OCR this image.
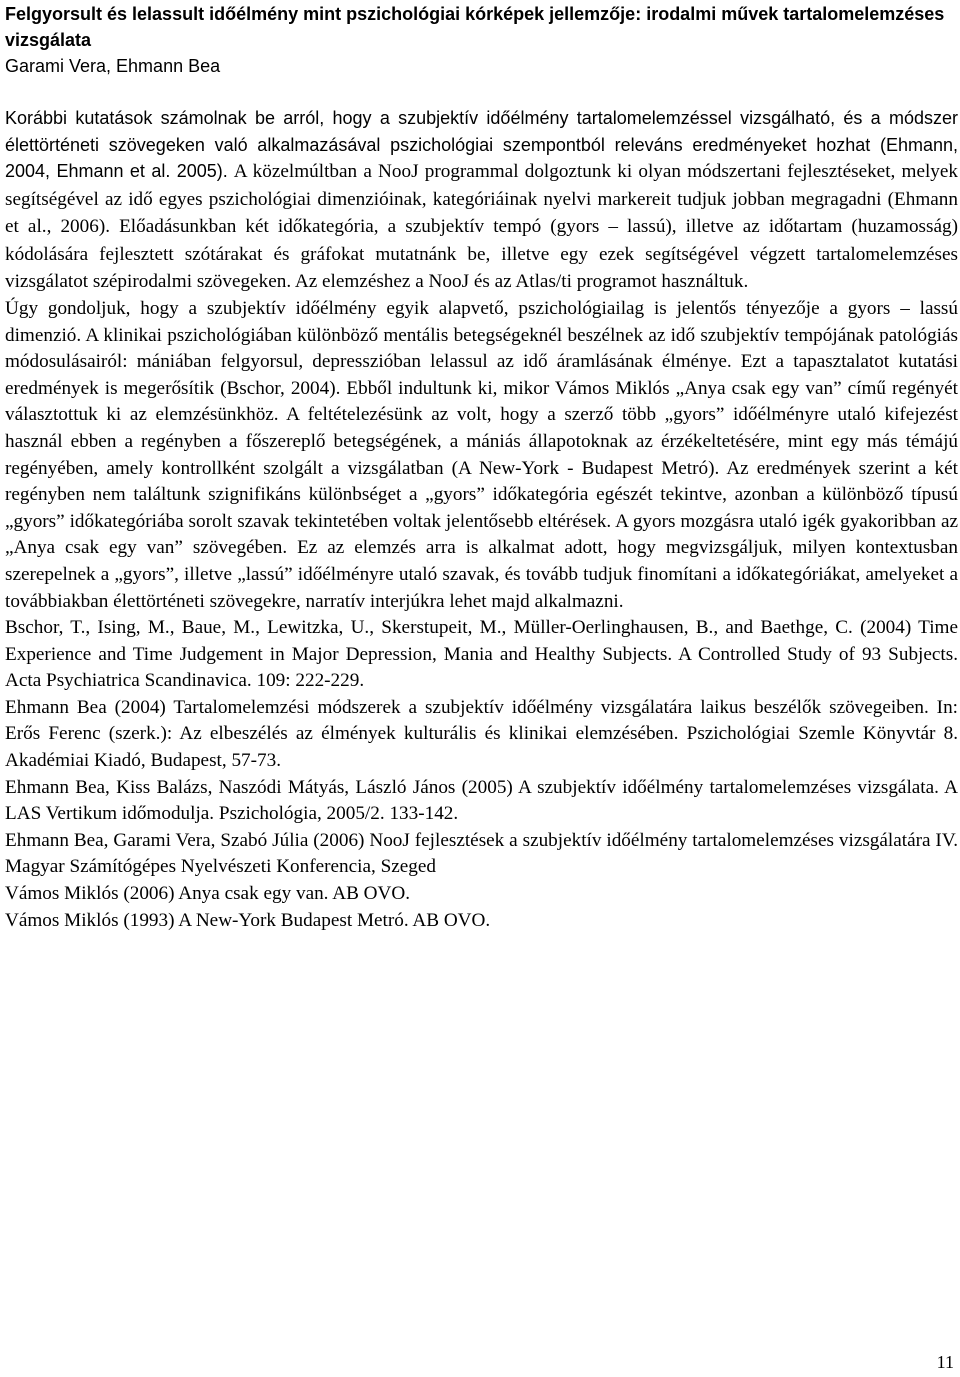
Felgyorsult és lelassult időélmény mint pszichológiai kórképek jellemzője: irodalmi művek tartalomelemzéses vizsgálata

Garami Vera, Ehmann Bea

Korábbi kutatások számolnak be arról, hogy a szubjektív időélmény tartalomelemzéssel vizsgálható, és a módszer élettörténeti szövegeken való alkalmazásával pszichológiai szempontból releváns eredményeket hozhat (Ehmann, 2004, Ehmann et al. 2005). A közelmúltban a NooJ programmal dolgoztunk ki olyan módszertani fejlesztéseket, melyek segítségével az idő egyes pszichológiai dimenzióinak, kategóriáinak nyelvi markereit tudjuk jobban megragadni (Ehmann et al., 2006). Előadásunkban két időkategória, a szubjektív tempó (gyors – lassú), illetve az időtartam (huzamosság) kódolására fejlesztett szótárakat és gráfokat mutatnánk be, illetve egy ezek segítségével végzett tartalomelemzéses vizsgálatot szépirodalmi szövegeken. Az elemzéshez a NooJ és az Atlas/ti programot használtuk.

Úgy gondoljuk, hogy a szubjektív időélmény egyik alapvető, pszichológiailag is jelentős tényezője a gyors – lassú dimenzió. A klinikai pszichológiában különböző mentális betegségeknél beszélnek az idő szubjektív tempójának patológiás módosulásairól: mániában felgyorsul, depresszióban lelassul az idő áramlásának élménye. Ezt a tapasztalatot kutatási eredmények is megerősítik (Bschor, 2004). Ebből indultunk ki, mikor Vámos Miklós „Anya csak egy van” című regényét választottuk ki az elemzésünkhöz. A feltételezésünk az volt, hogy a szerző több „gyors” időélményre utaló kifejezést használ ebben a regényben a főszereplő betegségének, a mániás állapotoknak az érzékeltetésére, mint egy más témájú regényében, amely kontrollként szolgált a vizsgálatban (A New-York - Budapest Metró). Az eredmények szerint a két regényben nem találtunk szignifikáns különbséget a „gyors” időkategória egészét tekintve, azonban a különböző típusú „gyors” időkategóriába sorolt szavak tekintetében voltak jelentősebb eltérések. A gyors mozgásra utaló igék gyakoribban az „Anya csak egy van” szövegében. Ez az elemzés arra is alkalmat adott, hogy megvizsgáljuk, milyen kontextusban szerepelnek a „gyors”, illetve „lassú” időélményre utaló szavak, és tovább tudjuk finomítani a időkategóriákat, amelyeket a továbbiakban élettörténeti szövegekre, narratív interjúkra lehet majd alkalmazni.

Bschor, T., Ising, M., Baue, M., Lewitzka, U., Skerstupeit, M., Müller-Oerlinghausen, B., and Baethge, C. (2004) Time Experience and Time Judgement in Major Depression, Mania and Healthy Subjects. A Controlled Study of 93 Subjects. Acta Psychiatrica Scandinavica. 109: 222-229.

Ehmann Bea (2004) Tartalomelemzési módszerek a szubjektív időélmény vizsgálatára laikus beszélők szövegeiben. In: Erős Ferenc (szerk.): Az elbeszélés az élmények kulturális és klinikai elemzésében. Pszichológiai Szemle Könyvtár 8. Akadémiai Kiadó, Budapest, 57-73.

Ehmann Bea, Kiss Balázs, Naszódi Mátyás, László János (2005) A szubjektív időélmény tartalomelemzéses vizsgálata. A LAS Vertikum időmodulja. Pszichológia, 2005/2. 133-142.

Ehmann Bea, Garami Vera, Szabó Júlia (2006) NooJ fejlesztések a szubjektív időélmény tartalomelemzéses vizsgálatára IV. Magyar Számítógépes Nyelvészeti Konferencia, Szeged

Vámos Miklós (2006) Anya csak egy van. AB OVO.

Vámos Miklós (1993) A New-York Budapest Metró. AB OVO.

11
